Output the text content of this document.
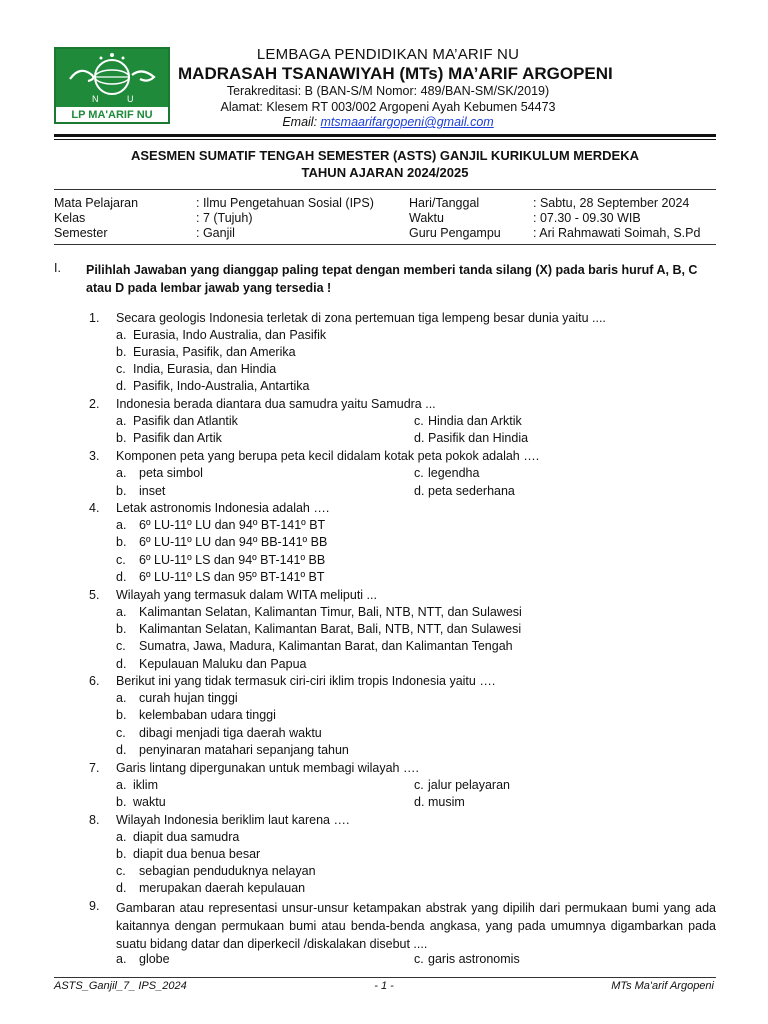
N	U
LP MA'ARIF NU
LEMBAGA PENDIDIKAN MA’ARIF NU
MADRASAH TSANAWIYAH (MTs) MA’ARIF ARGOPENI
Terakreditasi: B (BAN-S/M Nomor: 489/BAN-SM/SK/2019)
Alamat: Klesem RT 003/002 Argopeni Ayah Kebumen 54473
Email: mtsmaarifargopeni@gmail.com
ASESMEN SUMATIF TENGAH SEMESTER (ASTS) GANJIL KURIKULUM MERDEKA
TAHUN AJARAN 2024/2025
Mata Pelajaran	: Ilmu Pengetahuan Sosial (IPS)
Kelas	: 7 (Tujuh)
Semester	: Ganjil
Hari/Tanggal	: Sabtu, 28 September 2024
Waktu	: 07.30 - 09.30 WIB
Guru Pengampu	: Ari Rahmawati Soimah, S.Pd
I. Pilihlah Jawaban yang dianggap paling tepat dengan memberi tanda silang (X) pada baris huruf A, B, C atau D pada lembar jawab yang tersedia !
1. Secara geologis Indonesia terletak di zona pertemuan tiga lempeng besar dunia yaitu ....
a. Eurasia, Indo Australia, dan Pasifik
b. Eurasia, Pasifik, dan Amerika
c. India, Eurasia, dan Hindia
d. Pasifik, Indo-Australia, Antartika
2. Indonesia berada diantara dua samudra yaitu Samudra ...
a. Pasifik dan Atlantik	c. Hindia dan Arktik
b. Pasifik dan Artik	d. Pasifik dan Hindia
3. Komponen peta yang berupa peta kecil didalam kotak peta pokok adalah ….
a. peta simbol	c. legendha
b. inset	d. peta sederhana
4. Letak astronomis Indonesia adalah ….
a. 6º LU-11º LU dan 94º BT-141º BT
b. 6º LU-11º LU dan 94º BB-141º BB
c. 6º LU-11º LS dan 94º BT-141º BB
d. 6º LU-11º LS dan 95º BT-141º BT
5. Wilayah yang termasuk dalam WITA meliputi ...
a. Kalimantan Selatan, Kalimantan Timur, Bali, NTB, NTT, dan Sulawesi
b. Kalimantan Selatan, Kalimantan Barat, Bali, NTB, NTT, dan Sulawesi
c. Sumatra, Jawa, Madura, Kalimantan Barat, dan Kalimantan Tengah
d. Kepulauan Maluku dan Papua
6. Berikut ini yang tidak termasuk ciri-ciri iklim tropis Indonesia yaitu ….
a. curah hujan tinggi
b. kelembaban udara tinggi
c. dibagi menjadi tiga daerah waktu
d. penyinaran matahari sepanjang tahun
7. Garis lintang dipergunakan untuk membagi wilayah ….
a. iklim	c. jalur pelayaran
b. waktu	d. musim
8. Wilayah Indonesia beriklim laut karena ….
a. diapit dua samudra
b. diapit dua benua besar
c. sebagian penduduknya nelayan
d. merupakan daerah kepulauan
9. Gambaran atau representasi unsur-unsur ketampakan abstrak yang dipilih dari permukaan bumi yang ada kaitannya dengan permukaan bumi atau benda-benda angkasa, yang pada umumnya digambarkan pada suatu bidang datar dan diperkecil /diskalakan disebut ....
a. globe	c. garis astronomis
ASTS_Ganjil_7_ IPS_2024	- 1 -	MTs Ma'arif Argopeni
